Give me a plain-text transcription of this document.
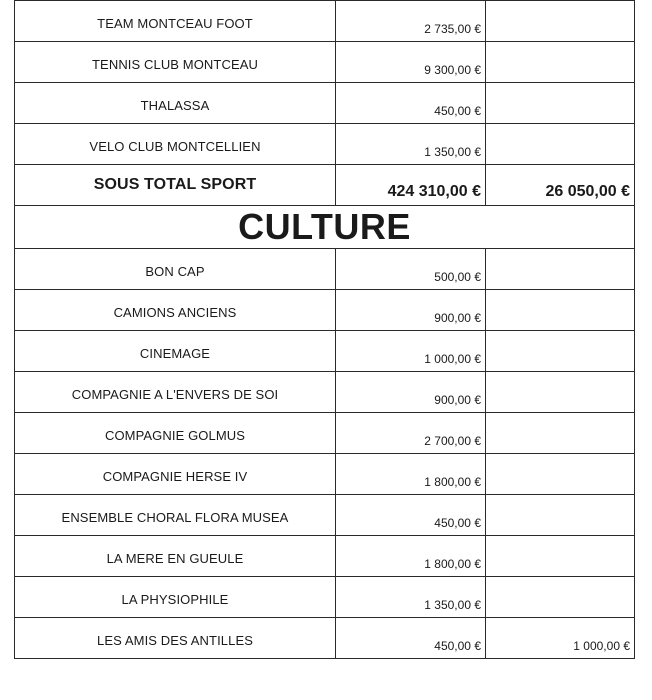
TEAM MONTCEAU FOOT	2 735,00 €	

TENNIS CLUB MONTCEAU	9 300,00 €	

THALASSA	450,00 €	

VELO CLUB MONTCELLIEN	1 350,00 €	

SOUS TOTAL SPORT	424 310,00 €	26 050,00 €

CULTURE		

BON CAP	500,00 €	

CAMIONS ANCIENS	900,00 €	

CINEMAGE	1 000,00 €	

COMPAGNIE A L'ENVERS DE SOI	900,00 €	

COMPAGNIE GOLMUS	2 700,00 €	

COMPAGNIE HERSE IV	1 800,00 €	

ENSEMBLE CHORAL FLORA MUSEA	450,00 €	

LA MERE EN GUEULE	1 800,00 €	

LA PHYSIOPHILE	1 350,00 €	

LES AMIS DES ANTILLES	450,00 €	1 000,00 €
